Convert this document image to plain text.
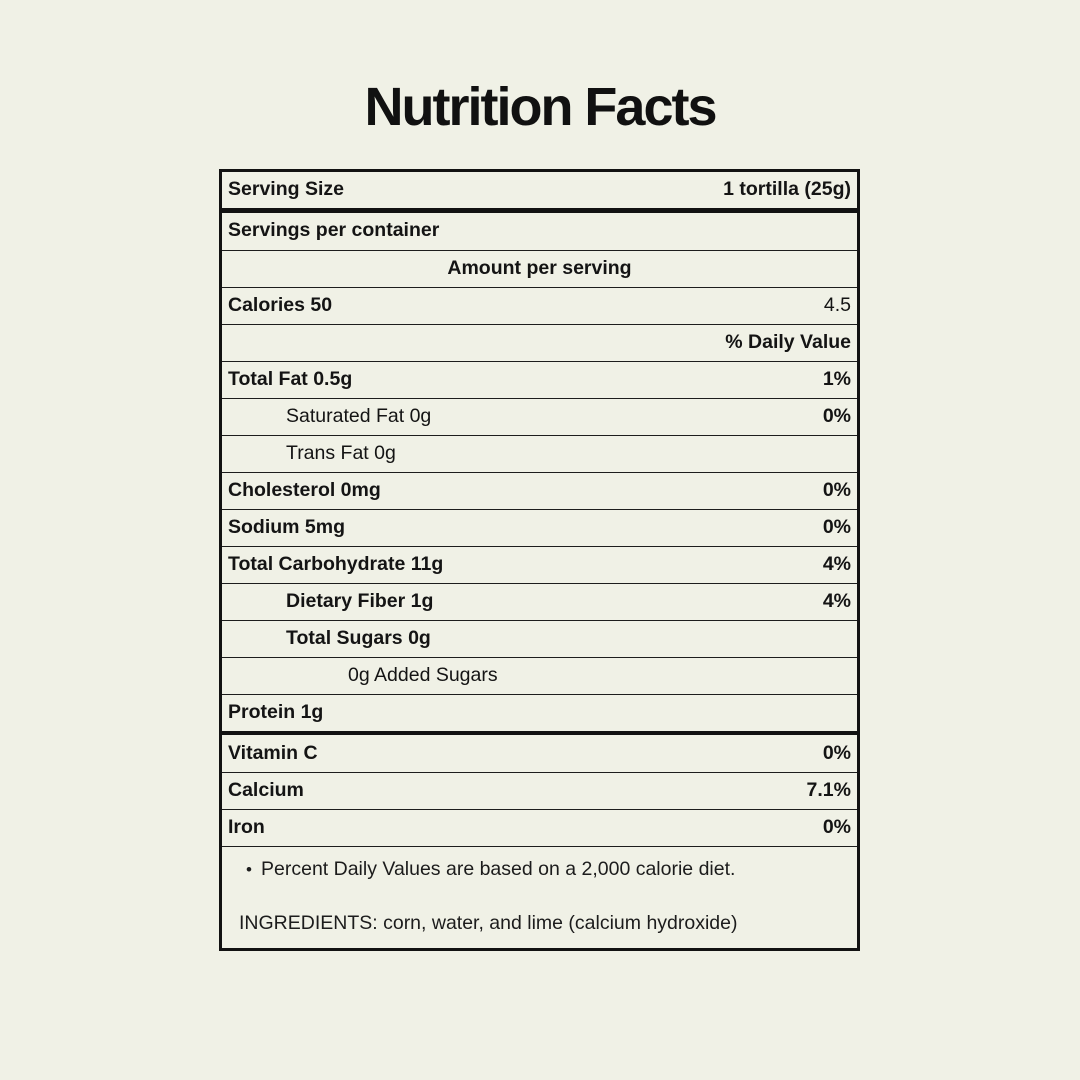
Nutrition Facts
Serving Size	1 tortilla (25g)
Servings per container
Amount per serving
Calories 50	4.5
% Daily Value
Total Fat 0.5g	1%
Saturated Fat 0g	0%
Trans Fat 0g
Cholesterol 0mg	0%
Sodium 5mg	0%
Total Carbohydrate 11g	4%
Dietary Fiber 1g	4%
Total Sugars 0g
0g Added Sugars
Protein 1g
Vitamin C	0%
Calcium	7.1%
Iron	0%
• Percent Daily Values are based on a 2,000 calorie diet.
INGREDIENTS: corn, water, and lime (calcium hydroxide)
